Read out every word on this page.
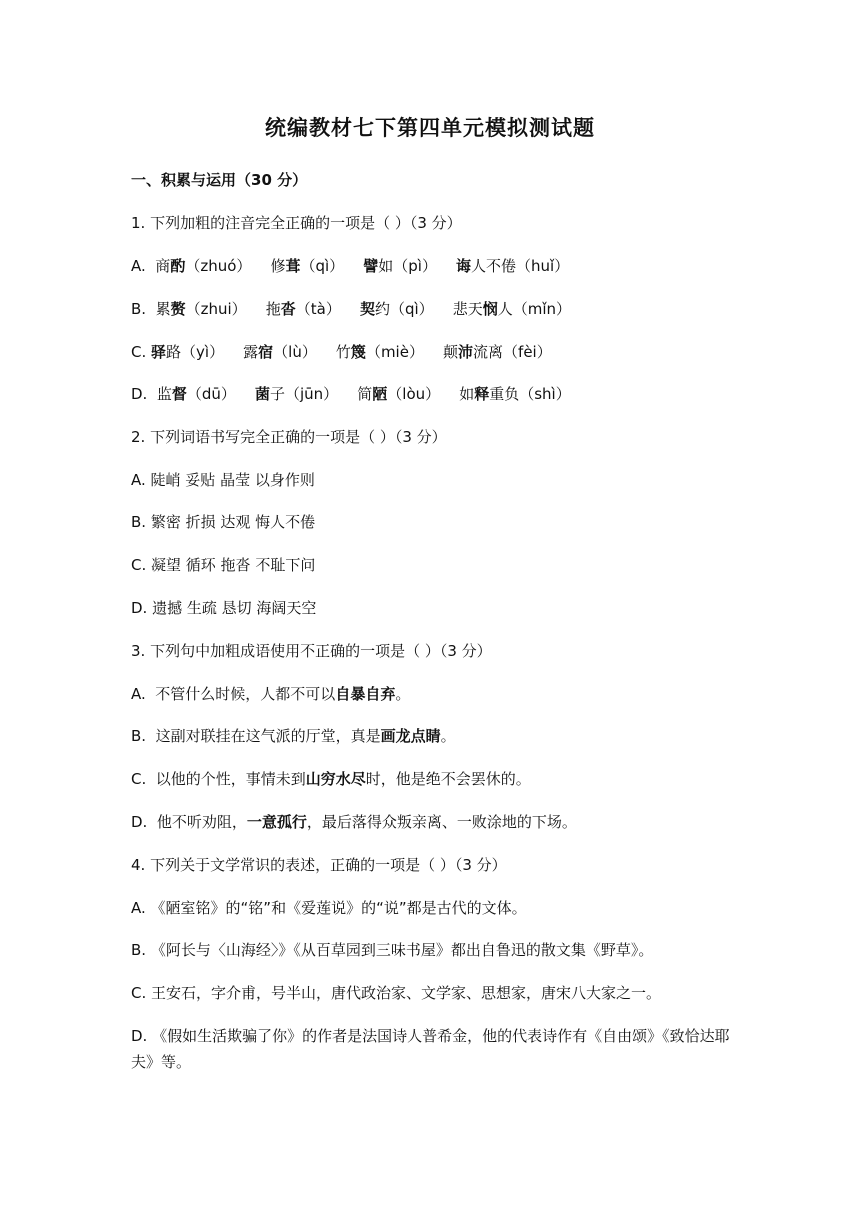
统编教材七下第四单元模拟测试题
一、积累与运用（30 分）
1. 下列加粗的注音完全正确的一项是（ ）（3 分）
A.  商酌（zhuó）    修葺（qì）    譬如（pì）    诲人不倦（huǐ）
B.  累赘（zhui）    拖沓（tà）    契约（qì）    悲天悯人（mǐn）
C. 驿路（yì）    露宿（lù）    竹篾（miè）    颠沛流离（fèi）
D.  监督（dū）    菌子（jūn）    简陋（lòu）    如释重负（shì）
2. 下列词语书写完全正确的一项是（ ）（3 分）
A. 陡峭 妥贴 晶莹 以身作则
B. 繁密 折损 达观 悔人不倦
C. 凝望 循环 拖沓 不耻下问
D. 遗撼 生疏 恳切 海阔天空
3. 下列句中加粗成语使用不正确的一项是（ ）（3 分）
A.  不管什么时候，人都不可以自暴自弃。
B.  这副对联挂在这气派的厅堂，真是画龙点睛。
C.  以他的个性，事情未到山穷水尽时，他是绝不会罢休的。
D.  他不听劝阻，一意孤行，最后落得众叛亲离、一败涂地的下场。
4. 下列关于文学常识的表述，正确的一项是（ ）（3 分）
A. 《陋室铭》的“铭”和《爱莲说》的“说”都是古代的文体。
B. 《阿长与〈山海经〉》《从百草园到三味书屋》都出自鲁迅的散文集《野草》。
C. 王安石，字介甫，号半山，唐代政治家、文学家、思想家，唐宋八大家之一。
D. 《假如生活欺骗了你》的作者是法国诗人普希金，他的代表诗作有《自由颂》《致恰达耶夫》等。
